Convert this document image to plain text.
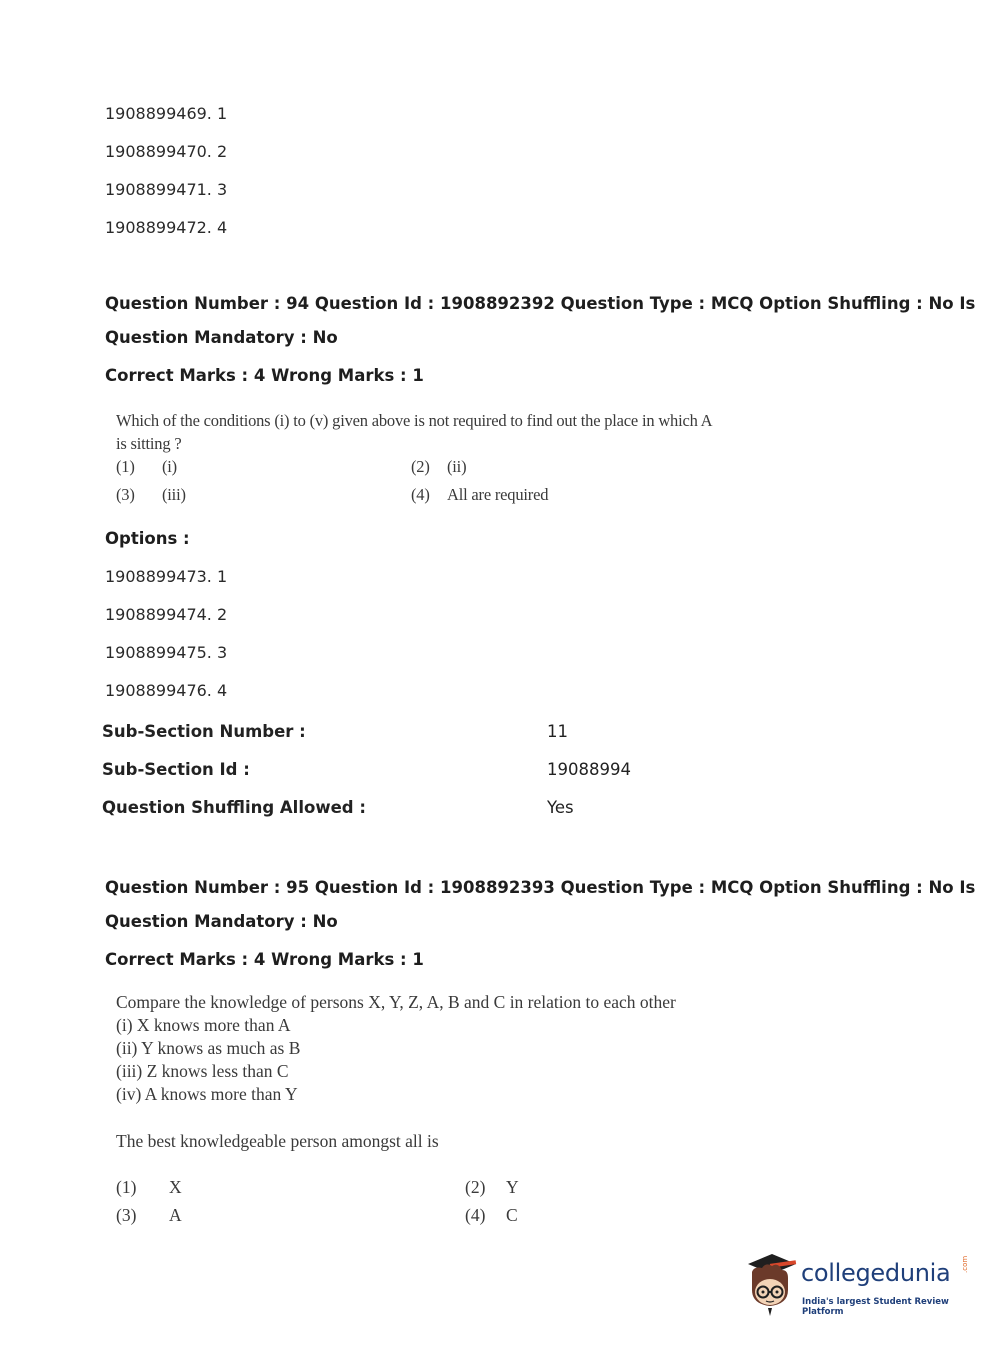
1908899469. 1
1908899470. 2
1908899471. 3
1908899472. 4
Question Number : 94 Question Id : 1908892392 Question Type : MCQ Option Shuffling : No Is
Question Mandatory : No
Correct Marks : 4 Wrong Marks : 1
Which of the conditions (i) to (v) given above is not required to find out the place in which A
is sitting ?
(1) (i)	(2) (ii)
(3) (iii)	(4) All are required
Options :
1908899473. 1
1908899474. 2
1908899475. 3
1908899476. 4
Sub-Section Number :	11
Sub-Section Id :	19088994
Question Shuffling Allowed :	Yes
Question Number : 95 Question Id : 1908892393 Question Type : MCQ Option Shuffling : No Is
Question Mandatory : No
Correct Marks : 4 Wrong Marks : 1
Compare the knowledge of persons X, Y, Z, A, B and C in relation to each other
(i) X knows more than A
(ii) Y knows as much as B
(iii) Z knows less than C
(iv) A knows more than Y
The best knowledgeable person amongst all is
(1) X	(2) Y
(3) A	(4) C
collegedunia .com
India's largest Student Review Platform
